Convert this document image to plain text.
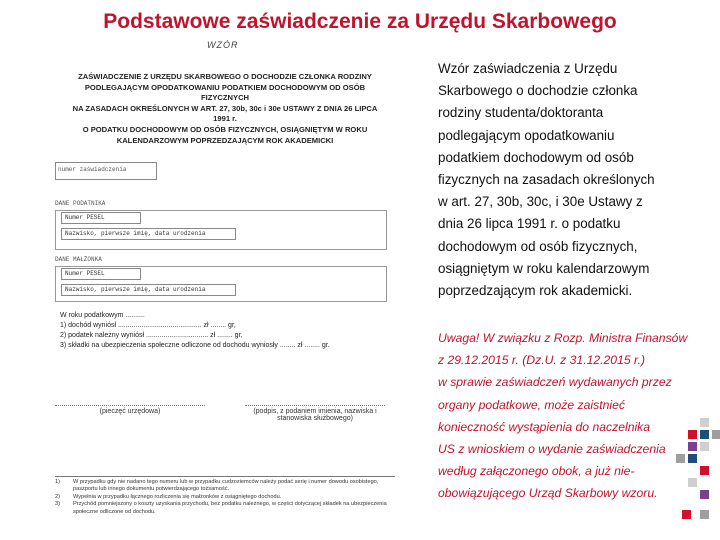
Podstawowe zaświadczenie za Urzędu Skarbowego
WZÓR
ZAŚWIADCZENIE Z URZĘDU SKARBOWEGO O DOCHODZIE CZŁONKA RODZINY
PODLEGAJĄCYM OPODATKOWANIU PODATKIEM DOCHODOWYM OD OSÓB FIZYCZNYCH
NA ZASADACH OKREŚLONYCH W ART. 27, 30b, 30c i 30e USTAWY Z DNIA 26 LIPCA 1991 r.
O PODATKU DOCHODOWYM OD OSÓB FIZYCZNYCH, OSIĄGNIĘTYM W ROKU
KALENDARZOWYM POPRZEDZAJĄCYM ROK AKADEMICKI
numer zaświadczenia
DANE PODATNIKA
Numer PESEL
Nazwisko, pierwsze imię, data urodzenia
DANE MAŁŻONKA
Numer PESEL
Nazwisko, pierwsze imię, data urodzenia
W roku podatkowym ..........
1) dochód wyniósł ........................................... zł ........ gr,
2) podatek należny wyniósł ................................ zł ........ gr,
3) składki na ubezpieczenia społeczne odliczone od dochodu wyniosły ........ zł ........ gr.
(pieczęć urzędowa)	(podpis, z podaniem imienia, nazwiska i stanowiska służbowego)
1)	W przypadku gdy nie nadano tego numeru lub w przypadku cudzoziemców należy podać serię i numer dowodu osobistego, paszportu lub innego dokumentu potwierdzającego tożsamość.
2)	Wypełnia w przypadku łącznego rozliczenia się małżonków z osiągniętego dochodu.
3)	Przychód pomniejszony o koszty uzyskania przychodu, bez podatku należnego, w części dotyczącej składek na ubezpieczenia społeczne odliczone od dochodu.
Wzór zaświadczenia z Urzędu
Skarbowego o dochodzie członka
rodziny studenta/doktoranta
podlegającym opodatkowaniu
podatkiem dochodowym od osób
fizycznych na zasadach określonych
w art. 27, 30b, 30c, i 30e Ustawy z
dnia 26 lipca 1991 r. o podatku
dochodowym od osób fizycznych,
osiągniętym w roku kalendarzowym
poprzedzającym rok akademicki.
Uwaga! W związku z Rozp. Ministra Finansów
z 29.12.2015 r. (Dz.U. z 31.12.2015 r.)
w sprawie zaświadczeń wydawanych przez
organy podatkowe, może zaistnieć
konieczność wystąpienia do naczelnika
US z wnioskiem o wydanie zaświadczenia
według załączonego obok, a już nie-
obowiązującego Urząd Skarbowy wzoru.
